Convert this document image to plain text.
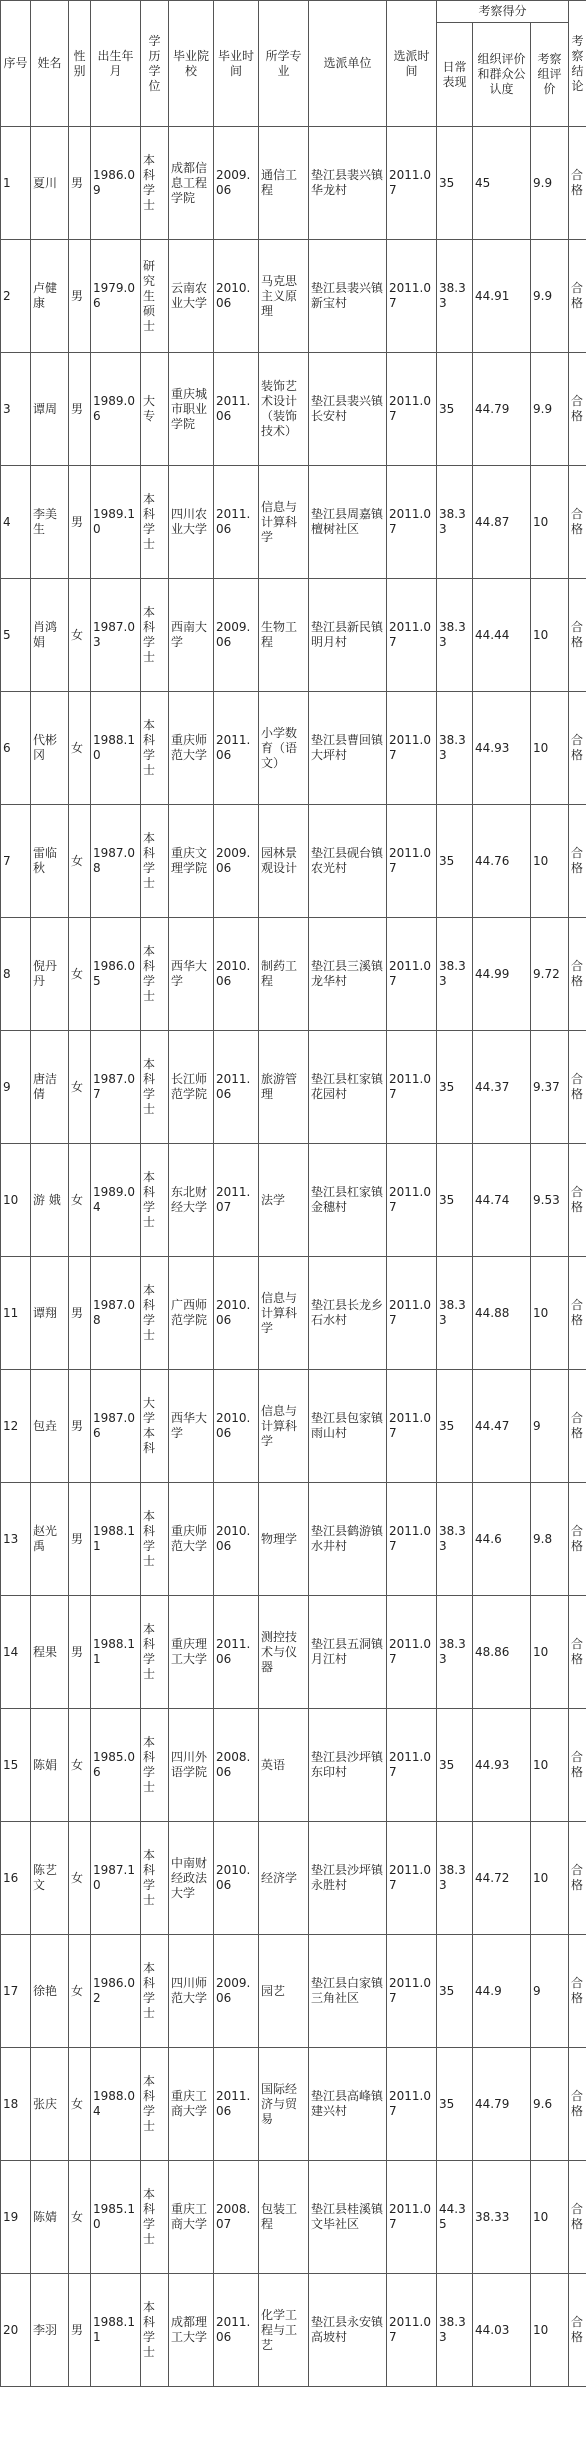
序号	姓名	性别	出生年月	学历学位	毕业院校	毕业时间	所学专业	选派单位	选派时间	考察得分			考察结论
										日常表现	组织评价和群众公认度	考察组评价	
1	夏川	男	1986.09	本科学士	成都信息工程学院	2009.06	通信工程	垫江县裴兴镇华龙村	2011.07	35	45	9.9	合格
2	卢健康	男	1979.06	研究生硕士	云南农业大学	2010.06	马克思主义原理	垫江县裴兴镇新宝村	2011.07	38.33	44.91	9.9	合格
3	谭周	男	1989.06	大专	重庆城市职业学院	2011.06	装饰艺术设计（装饰技术）	垫江县裴兴镇长安村	2011.07	35	44.79	9.9	合格
4	李美生	男	1989.10	本科学士	四川农业大学	2011.06	信息与计算科学	垫江县周嘉镇檀树社区	2011.07	38.33	44.87	10	合格
5	肖鸿娟	女	1987.03	本科学士	西南大学	2009.06	生物工程	垫江县新民镇明月村	2011.07	38.33	44.44	10	合格
6	代彬冈	女	1988.10	本科学士	重庆师范大学	2011.06	小学数育（语文）	垫江县曹回镇大坪村	2011.07	38.33	44.93	10	合格
7	雷临秋	女	1987.08	本科学士	重庆文理学院	2009.06	园林景观设计	垫江县砚台镇农光村	2011.07	35	44.76	10	合格
8	倪丹丹	女	1986.05	本科学士	西华大学	2010.06	制药工程	垫江县三溪镇龙华村	2011.07	38.33	44.99	9.72	合格
9	唐洁倩	女	1987.07	本科学士	长江师范学院	2011.06	旅游管理	垫江县杠家镇花园村	2011.07	35	44.37	9.37	合格
10	游 娥	女	1989.04	本科学士	东北财经大学	2011.07	法学	垫江县杠家镇金穗村	2011.07	35	44.74	9.53	合格
11	谭翔	男	1987.08	本科学士	广西师范学院	2010.06	信息与计算科学	垫江县长龙乡石水村	2011.07	38.33	44.88	10	合格
12	包垚	男	1987.06	大学本科	西华大学	2010.06	信息与计算科学	垫江县包家镇雨山村	2011.07	35	44.47	9	合格
13	赵光禹	男	1988.11	本科学士	重庆师范大学	2010.06	物理学	垫江县鹤游镇水井村	2011.07	38.33	44.6	9.8	合格
14	程果	男	1988.11	本科学士	重庆理工大学	2011.06	测控技术与仪器	垫江县五洞镇月江村	2011.07	38.33	48.86	10	合格
15	陈娟	女	1985.06	本科学士	四川外语学院	2008.06	英语	垫江县沙坪镇东印村	2011.07	35	44.93	10	合格
16	陈艺文	女	1987.10	本科学士	中南财经政法大学	2010.06	经济学	垫江县沙坪镇永胜村	2011.07	38.33	44.72	10	合格
17	徐艳	女	1986.02	本科学士	四川师范大学	2009.06	园艺	垫江县白家镇三角社区	2011.07	35	44.9	9	合格
18	张庆	女	1988.04	本科学士	重庆工商大学	2011.06	国际经济与贸易	垫江县高峰镇建兴村	2011.07	35	44.79	9.6	合格
19	陈婧	女	1985.10	本科学士	重庆工商大学	2008.07	包装工程	垫江县桂溪镇文毕社区	2011.07	44.35	38.33	10	合格
20	李羽	男	1988.11	本科学士	成都理工大学	2011.06	化学工程与工艺	垫江县永安镇高坡村	2011.07	38.33	44.03	10	合格
